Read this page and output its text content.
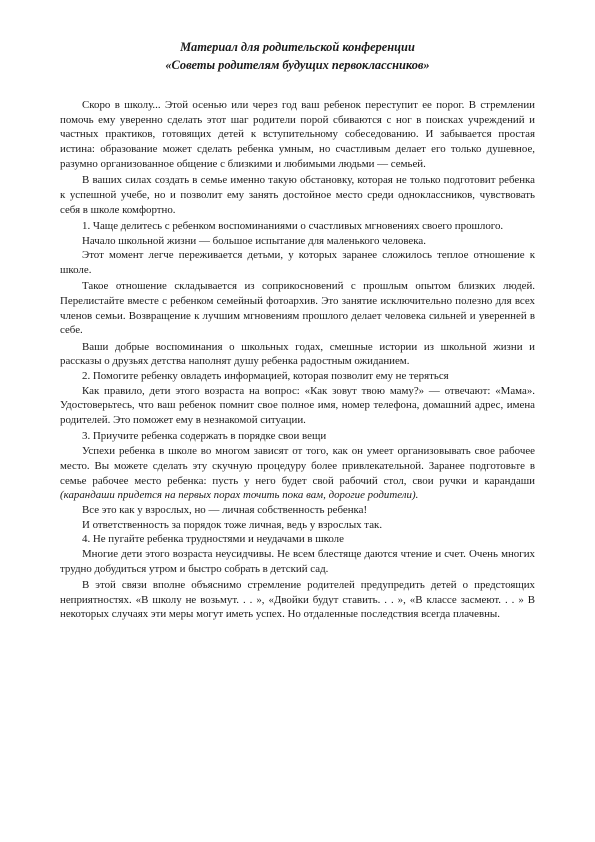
Материал для родительской конференции
«Советы родителям будущих первоклассников»

Скоро в школу... Этой осенью или через год ваш ребенок переступит ее порог. В стремлении помочь ему уверенно сделать этот шаг родители порой сбиваются с ног в поисках учреждений и частных практиков, готовящих детей к вступительному собеседованию. И забывается простая истина: образование может сделать ребенка умным, но счастливым делает его только душевное, разумно организованное общение с близкими и любимыми людьми — семьей.

В ваших силах создать в семье именно такую обстановку, которая не только подготовит ребенка к успешной учебе, но и позволит ему занять достойное место среди одноклассников, чувствовать себя в школе комфортно.

1. Чаще делитесь с ребенком воспоминаниями о счастливых мгновениях своего прошлого.

Начало школьной жизни — большое испытание для маленького человека.

Этот момент легче переживается детьми, у которых заранее сложилось теплое отношение к школе.

Такое отношение складывается из соприкосновений с прошлым опытом близких людей. Перелистайте вместе с ребенком семейный фотоархив. Это занятие исключительно полезно для всех членов семьи. Возвращение к лучшим мгновениям прошлого делает человека сильней и уверенней в себе.

Ваши добрые воспоминания о школьных годах, смешные истории из школьной жизни и рассказы о друзьях детства наполнят душу ребенка радостным ожиданием.

2. Помогите ребенку овладеть информацией, которая позволит ему не теряться

Как правило, дети этого возраста на вопрос: «Как зовут твою маму?» — отвечают: «Мама». Удостоверьтесь, что ваш ребенок помнит свое полное имя, номер телефона, домашний адрес, имена родителей. Это поможет ему в незнакомой ситуации.

3. Приучите ребенка содержать в порядке свои вещи

Успехи ребенка в школе во многом зависят от того, как он умеет организовывать свое рабочее место. Вы можете сделать эту скучную процедуру более привлекательной. Заранее подготовьте в семье рабочее место ребенка: пусть у него будет свой рабочий стол, свои ручки и карандаши (карандаши придется на первых порах точить пока вам, дорогие родители).

Все это как у взрослых, но — личная собственность ребенка!

И ответственность за порядок тоже личная, ведь у взрослых так.

4. Не пугайте ребенка трудностями и неудачами в школе

Многие дети этого возраста неусидчивы. Не всем блестяще даются чтение и счет. Очень многих трудно добудиться утром и быстро собрать в детский сад.

В этой связи вполне объяснимо стремление родителей предупредить детей о предстоящих неприятностях. «В школу не возьмут. . . », «Двойки будут ставить. . . », «В классе засмеют. . . » В некоторых случаях эти меры могут иметь успех. Но отдаленные последствия всегда плачевны.
